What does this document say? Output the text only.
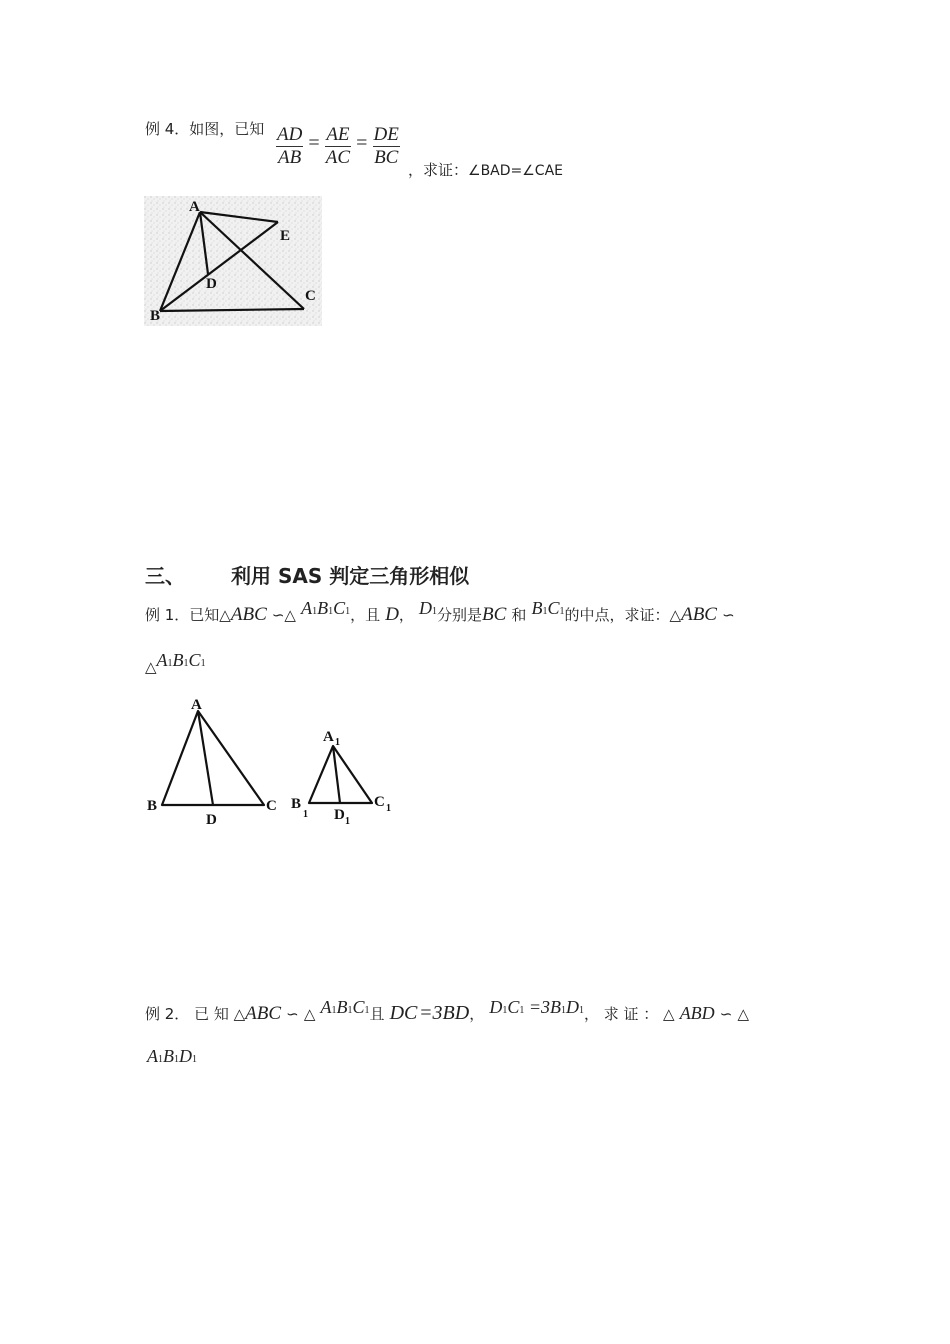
例 4．如图，已知 $\frac{AD}{AB} = \frac{AE}{AC} = \frac{DE}{BC}$
，求证：∠BAD=∠CAE
A
E
D
C
B
三、 利用 SAS 判定三角形相似
例 1．已知△ABC ∽△ A1B1C1，且 D， D1分别是BC 和 B1C1的中点，求证：△ABC ∽
△A1B1C1
A
B	C
D
A 1
B
1
C 1
D 1
例 2． 已 知 △ABC ∽ △ A1B1C1且 DC =3BD， D1C1 =3B1D1， 求 证 ： △ ABD ∽ △
A1B1D1
